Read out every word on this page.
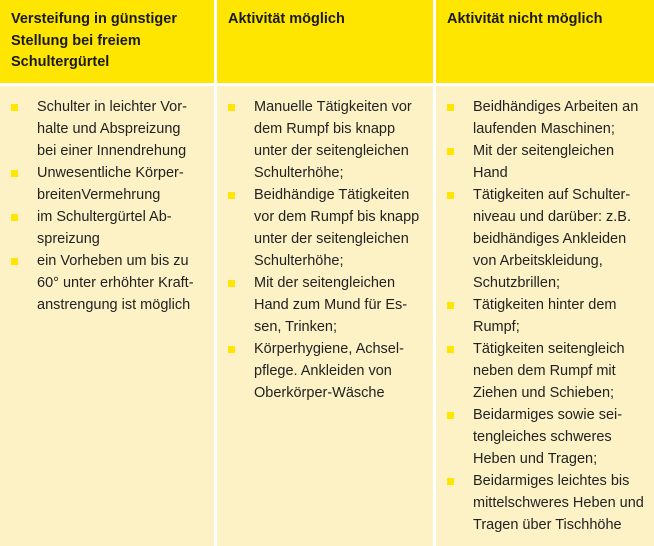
Versteifung in günstiger
Stellung bei freiem
Schultergürtel
Schulter in leichter Vor-
halte und Abspreizung
bei einer Innendrehung
Unwesentliche Körper-
breitenVermehrung
im Schultergürtel Ab-
spreizung
ein Vorheben um bis zu
60° unter erhöhter Kraft-
anstrengung ist möglich
Aktivität möglich
Manuelle Tätigkeiten vor
dem Rumpf bis knapp
unter der seitengleichen
Schulterhöhe;
Beidhändige Tätigkeiten
vor dem Rumpf bis knapp
unter der seitengleichen
Schulterhöhe;
Mit der seitengleichen
Hand zum Mund für Es-
sen, Trinken;
Körperhygiene, Achsel-
pflege. Ankleiden von
Oberkörper-Wäsche
Aktivität nicht möglich
Beidhändiges Arbeiten an
laufenden Maschinen;
Mit der seitengleichen
Hand
Tätigkeiten auf Schulter-
niveau und darüber: z.B.
beidhändiges Ankleiden
von Arbeitskleidung,
Schutzbrillen;
Tätigkeiten hinter dem
Rumpf;
Tätigkeiten seitengleich
neben dem Rumpf mit
Ziehen und Schieben;
Beidarmiges sowie sei-
tengleiches schweres
Heben und Tragen;
Beidarmiges leichtes bis
mittelschweres Heben und
Tragen über Tischhöhe
